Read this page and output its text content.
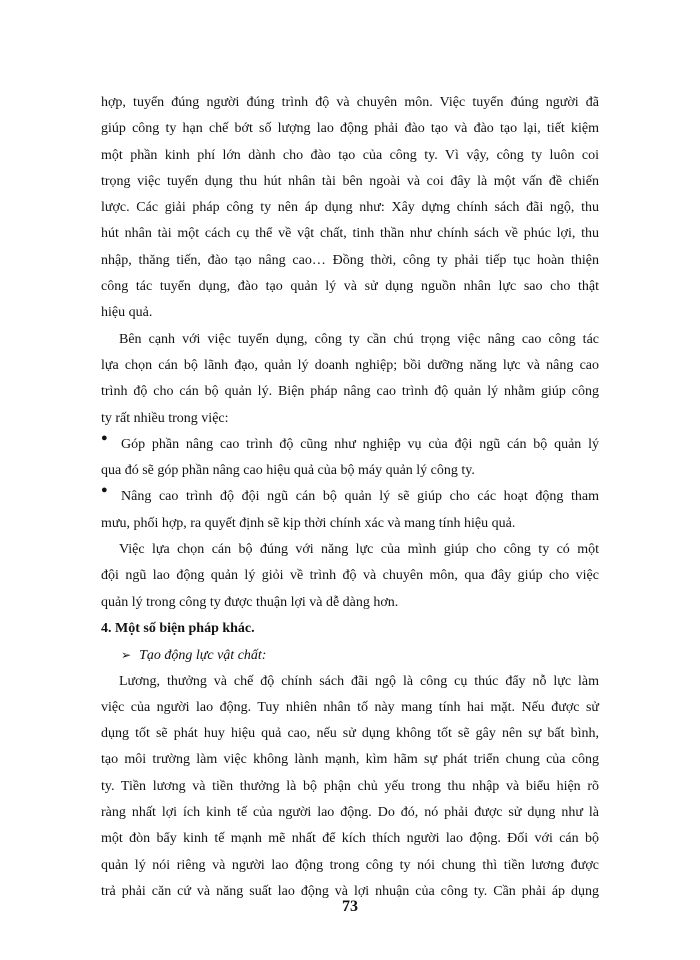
hợp, tuyển đúng người đúng trình độ và chuyên môn. Việc tuyển đúng người đã
giúp công ty hạn chế bớt số lượng lao động phải đào tạo và đào tạo lại, tiết kiệm
một phần kinh phí lớn dành cho đào tạo của công ty. Vì vậy, công ty luôn coi
trọng việc tuyển dụng thu hút nhân tài bên ngoài và coi đây là một vấn đề chiến
lược. Các giải pháp công ty nên áp dụng như: Xây dựng chính sách đãi ngộ, thu
hút nhân tài một cách cụ thể về vật chất, tinh thần như chính sách về phúc lợi, thu
nhập, thăng tiến, đào tạo nâng cao… Đồng thời, công ty phải tiếp tục hoàn thiện
công tác tuyển dụng, đào tạo quản lý và sử dụng nguồn nhân lực sao cho thật
hiệu quả.
Bên cạnh với việc tuyển dụng, công ty cần chú trọng việc nâng cao công tác
lựa chọn cán bộ lãnh đạo, quản lý doanh nghiệp; bồi dưỡng năng lực và nâng cao
trình độ cho cán bộ quản lý. Biện pháp nâng cao trình độ quản lý nhằm giúp công
ty rất nhiều trong việc:
● Góp phần nâng cao trình độ cũng như nghiệp vụ của đội ngũ cán bộ quản lý
qua đó sẽ góp phần nâng cao hiệu quả của bộ máy quản lý công ty.
● Nâng cao trình độ đội ngũ cán bộ quản lý sẽ giúp cho các hoạt động tham
mưu, phối hợp, ra quyết định sẽ kịp thời chính xác và mang tính hiệu quả.
Việc lựa chọn cán bộ đúng với năng lực của mình giúp cho công ty có một
đội ngũ lao động quản lý giỏi về trình độ và chuyên môn, qua đây giúp cho việc
quản lý trong công ty được thuận lợi và dễ dàng hơn.
4. Một số biện pháp khác.
➢ Tạo động lực vật chất:
Lương, thưởng và chế độ chính sách đãi ngộ là công cụ thúc đẩy nỗ lực làm
việc của người lao động. Tuy nhiên nhân tố này mang tính hai mặt. Nếu được sử
dụng tốt sẽ phát huy hiệu quả cao, nếu sử dụng không tốt sẽ gây nên sự bất bình,
tạo môi trường làm việc không lành mạnh, kìm hãm sự phát triển chung của công
ty. Tiền lương và tiền thưởng là bộ phận chủ yếu trong thu nhập và biểu hiện rõ
ràng nhất lợi ích kinh tế của người lao động. Do đó, nó phải được sử dụng như là
một đòn bẩy kinh tế mạnh mẽ nhất để kích thích người lao động. Đối với cán bộ
quản lý nói riêng và người lao động trong công ty nói chung thì tiền lương được
trả phải căn cứ và năng suất lao động và lợi nhuận của công ty. Cần phải áp dụng
73
